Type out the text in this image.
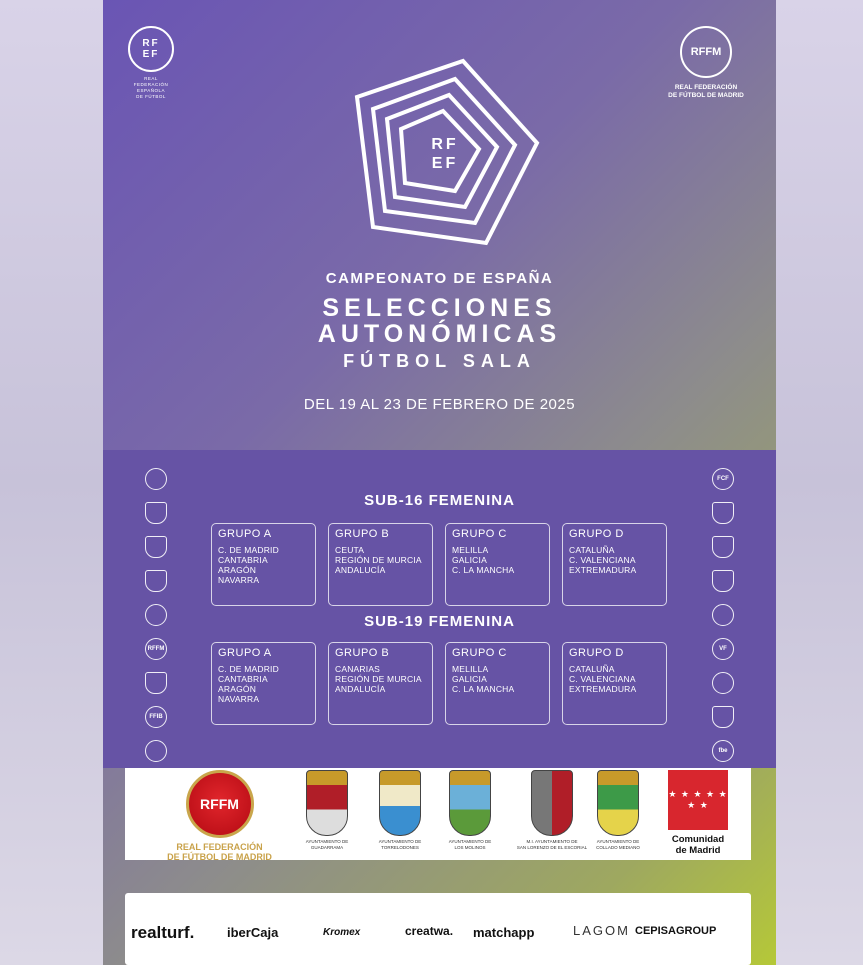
RF
EF
REAL
FEDERACIÓN
ESPAÑOLA
DE FÚTBOL
RFFM
REAL FEDERACIÓN
DE FÚTBOL DE MADRID
RF
EF
CAMPEONATO DE ESPAÑA
SELECCIONES
AUTONÓMICAS
FÚTBOL SALA
DEL 19 AL 23 DE FEBRERO DE 2025
RFFM
FFIB
FCF
VF
fbe
SUB-16 FEMENINA
GRUPO A
C. DE MADRID
CANTABRIA
ARAGÓN
NAVARRA
GRUPO B
CEUTA
REGIÓN DE MURCIA
ANDALUCÍA
GRUPO C
MELILLA
GALICIA
C. LA MANCHA
GRUPO D
CATALUÑA
C. VALENCIANA
EXTREMADURA
SUB-19 FEMENINA
GRUPO A
C. DE MADRID
CANTABRIA
ARAGÓN
NAVARRA
GRUPO B
CANARIAS
REGIÓN DE MURCIA
ANDALUCÍA
GRUPO C
MELILLA
GALICIA
C. LA MANCHA
GRUPO D
CATALUÑA
C. VALENCIANA
EXTREMADURA
RFFM
REAL FEDERACIÓN
DE FÚTBOL DE MADRID
AYUNTAMIENTO DE
GUADARRAMA
AYUNTAMIENTO DE
TORRELODONES
AYUNTAMIENTO DE
LOS MOLINOS
M.I. AYUNTAMIENTO DE
SAN LORENZO DE EL ESCORIAL
AYUNTAMIENTO DE
COLLADO MEDIANO
★ ★ ★ ★ ★ ★ ★
Comunidad
de Madrid
realturf.	iberCaja	Kromex	creatwa. matchapp	LAGOM CEPISAGROUP
